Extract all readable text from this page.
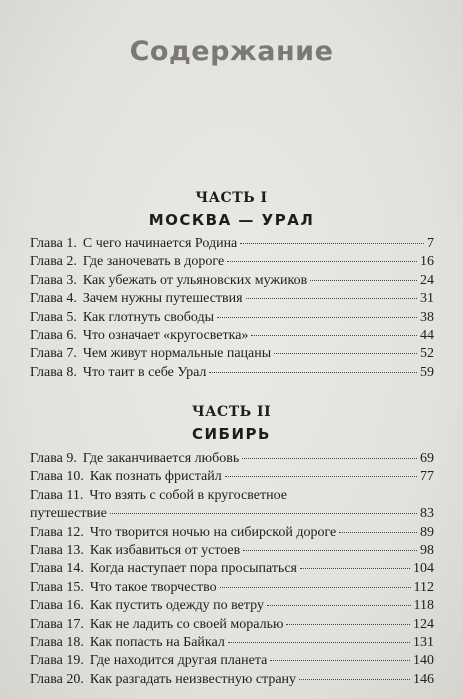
Содержание
ЧАСТЬ I
МОСКВА — УРАЛ
Глава 1. С чего начинается Родина	7
Глава 2. Где заночевать в дороге	16
Глава 3. Как убежать от ульяновских мужиков	24
Глава 4. Зачем нужны путешествия	31
Глава 5. Как глотнуть свободы	38
Глава 6. Что означает «кругосветка»	44
Глава 7. Чем живут нормальные пацаны	52
Глава 8. Что таит в себе Урал	59
ЧАСТЬ II
СИБИРЬ
Глава 9. Где заканчивается любовь	69
Глава 10. Как познать фристайл	77
Глава 11. Что взять с собой в кругосветное
путешествие	83
Глава 12. Что творится ночью на сибирской дороге	89
Глава 13. Как избавиться от устоев	98
Глава 14. Когда наступает пора просыпаться	104
Глава 15. Что такое творчество	112
Глава 16. Как пустить одежду по ветру	118
Глава 17. Как не ладить со своей моралью	124
Глава 18. Как попасть на Байкал	131
Глава 19. Где находится другая планета	140
Глава 20. Как разгадать неизвестную страну	146
